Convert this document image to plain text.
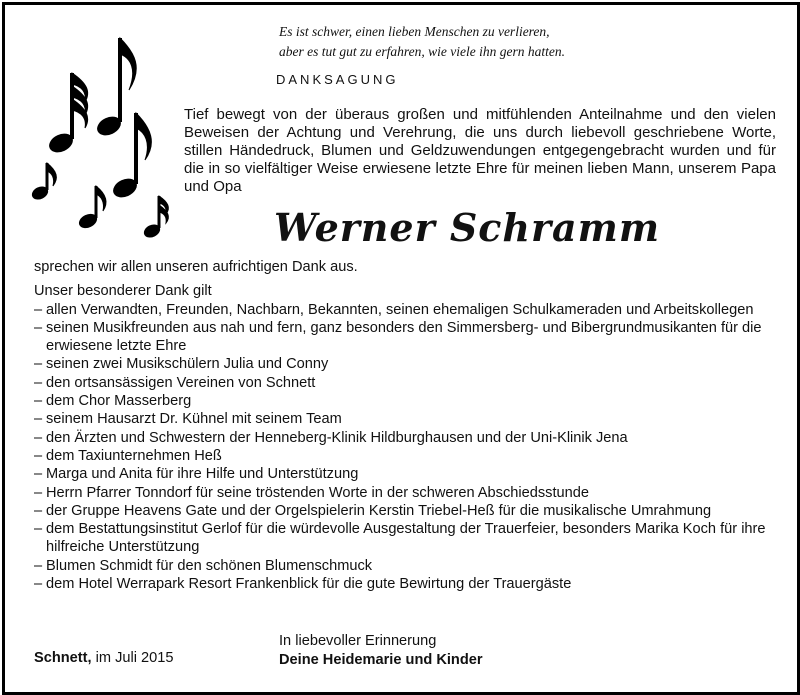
Es ist schwer, einen lieben Menschen zu verlieren,
aber es tut gut zu erfahren, wie viele ihn gern hatten.
DANKSAGUNG
Tief bewegt von der überaus großen und mitfühlenden Anteilnahme und den vielen Beweisen der Achtung und Verehrung, die uns durch liebevoll geschriebene Worte, stillen Händedruck, Blumen und Geldzuwendungen entgegengebracht wurden und für die in so vielfältiger Weise erwiesene letzte Ehre für meinen lieben Mann, unserem Papa und Opa
Werner Schramm

sprechen wir allen unseren aufrichtigen Dank aus.

Unser besonderer Dank gilt

– allen Verwandten, Freunden, Nachbarn, Bekannten, seinen ehemaligen Schulkameraden und Arbeitskollegen
– seinen Musikfreunden aus nah und fern, ganz besonders den Simmersberg- und Bibergrundmusikanten für die erwiesene letzte Ehre
– seinen zwei Musikschülern Julia und Conny
– den ortsansässigen Vereinen von Schnett
– dem Chor Masserberg
– seinem Hausarzt Dr. Kühnel mit seinem Team
– den Ärzten und Schwestern der Henneberg-Klinik Hildburghausen und der Uni-Klinik Jena
– dem Taxiunternehmen Heß
– Marga und Anita für ihre Hilfe und Unterstützung
– Herrn Pfarrer Tonndorf für seine tröstenden Worte in der schweren Abschiedsstunde
– der Gruppe Heavens Gate und der Orgelspielerin Kerstin Triebel-Heß für die musikalische Umrahmung
– dem Bestattungsinstitut Gerlof für die würdevolle Ausgestaltung der Trauerfeier, besonders Marika Koch für ihre hilfreiche Unterstützung
– Blumen Schmidt für den schönen Blumenschmuck
– dem Hotel Werrapark Resort Frankenblick für die gute Bewirtung der Trauergäste
Schnett, im Juli 2015
In liebevoller Erinnerung
Deine Heidemarie und Kinder
